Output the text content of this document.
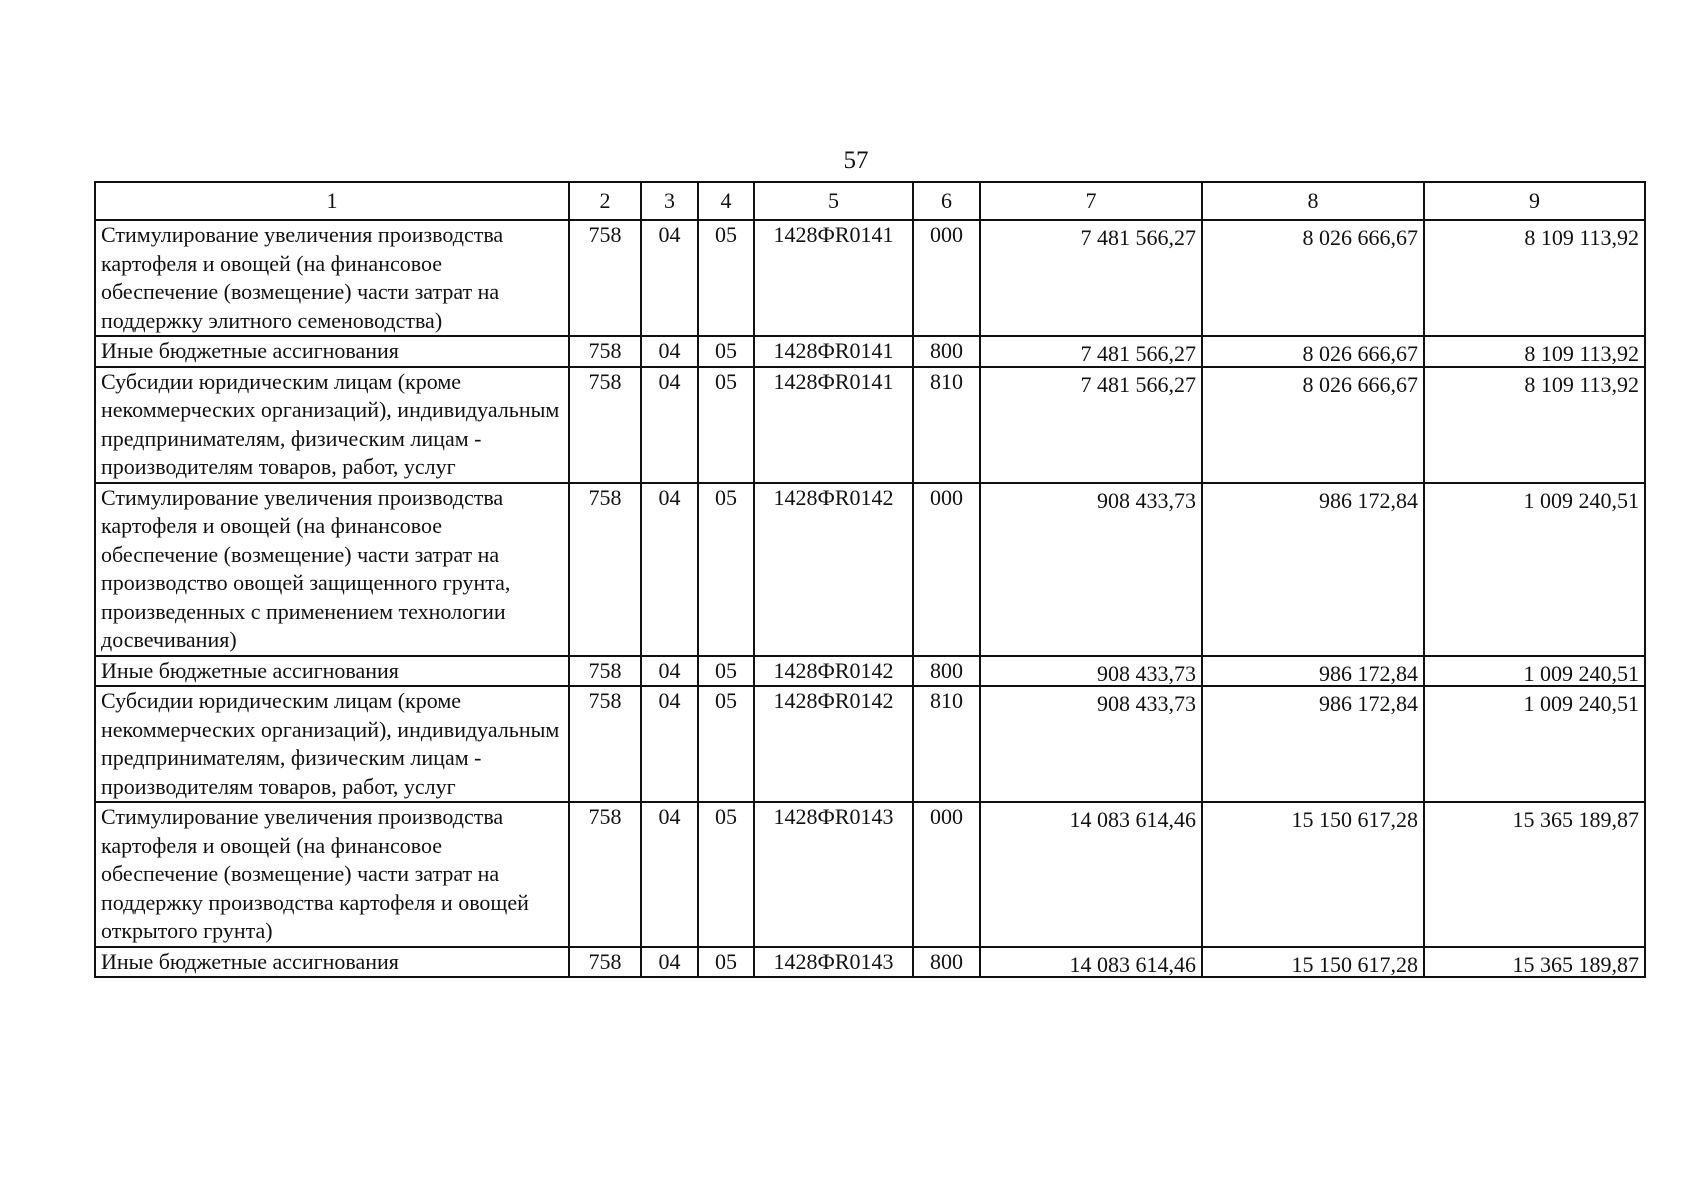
57
1	2	3	4	5	6	7	8	9
Стимулирование увеличения производства картофеля и овощей (на финансовое обеспечение (возмещение) части затрат на поддержку элитного семеноводства)	758	04	05	1428ФR0141	000	7 481 566,27	8 026 666,67	8 109 113,92
Иные бюджетные ассигнования	758	04	05	1428ФR0141	800	7 481 566,27	8 026 666,67	8 109 113,92
Субсидии юридическим лицам (кроме некоммерческих организаций), индивидуальным предпринимателям, физическим лицам - производителям товаров, работ, услуг	758	04	05	1428ФR0141	810	7 481 566,27	8 026 666,67	8 109 113,92
Стимулирование увеличения производства картофеля и овощей (на финансовое обеспечение (возмещение) части затрат на производство овощей защищенного грунта, произведенных с применением технологии досвечивания)	758	04	05	1428ФR0142	000	908 433,73	986 172,84	1 009 240,51
Иные бюджетные ассигнования	758	04	05	1428ФR0142	800	908 433,73	986 172,84	1 009 240,51
Субсидии юридическим лицам (кроме некоммерческих организаций), индивидуальным предпринимателям, физическим лицам - производителям товаров, работ, услуг	758	04	05	1428ФR0142	810	908 433,73	986 172,84	1 009 240,51
Стимулирование увеличения производства картофеля и овощей (на финансовое обеспечение (возмещение) части затрат на поддержку производства картофеля и овощей открытого грунта)	758	04	05	1428ФR0143	000	14 083 614,46	15 150 617,28	15 365 189,87
Иные бюджетные ассигнования	758	04	05	1428ФR0143	800	14 083 614,46	15 150 617,28	15 365 189,87
